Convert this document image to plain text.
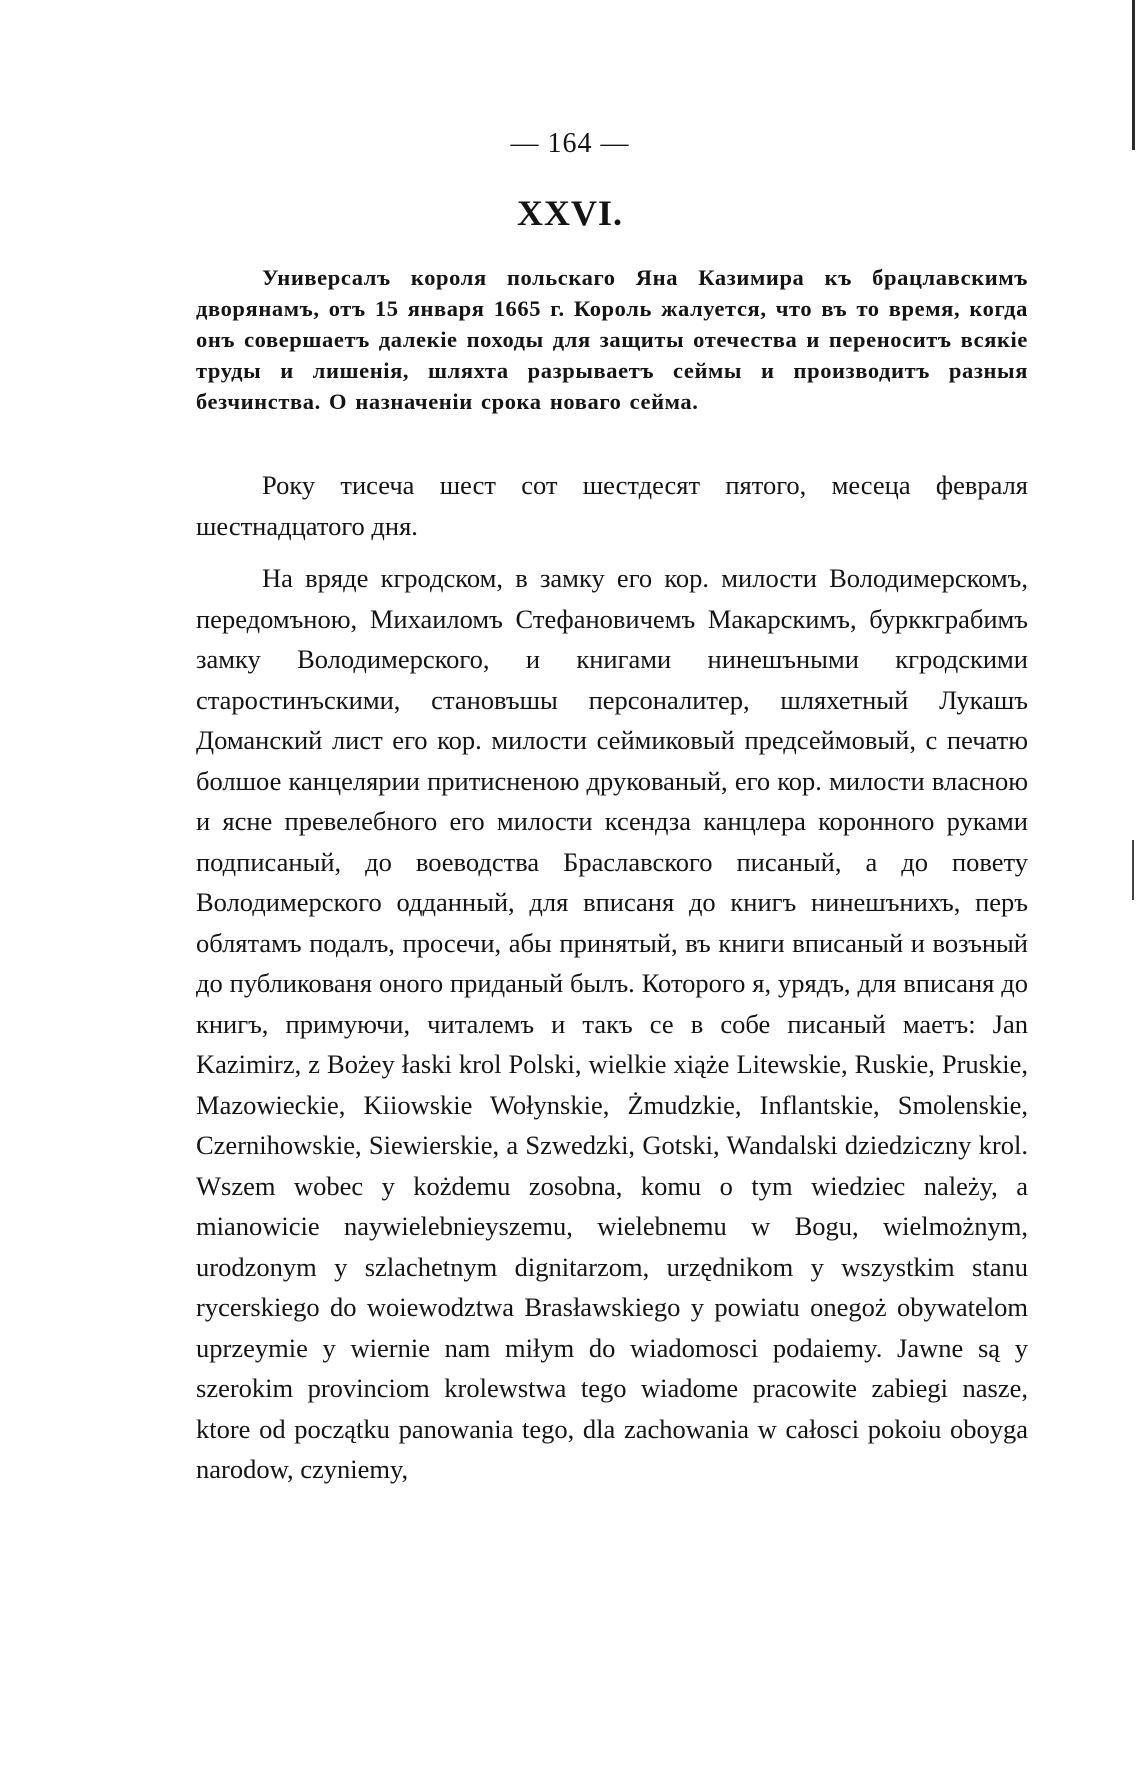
— 164 —
XXVI.

Универсалъ короля польскаго Яна Казимира къ брацлавскимъ дворянамъ, отъ 15 января 1665 г. Король жалуется, что въ то время, когда онъ совершаетъ далекіе походы для защиты отечества и переноситъ всякіе труды и лишенія, шляхта разрываетъ сеймы и производитъ разныя безчинства. О назначеніи срока новаго сейма.

Року тисеча шест сот шестдесят пятого, месеца февраля шестнадцатого дня.

На вряде кгродском, в замку его кор. милости Володимерскомъ, передомъною, Михаиломъ Стефановичемъ Макарскимъ, бурккграбимъ замку Володимерского, и книгами нинешъными кгродскими старостинъскими, становъшы персоналитер, шляхетный Лукашъ Доманский лист его кор. милости сеймиковый предсеймовый, с печатю болшое канцелярии притисненою друкованый, его кор. милости власною и ясне превелебного его милости ксендза канцлера коронного руками подписаный, до воеводства Браславского писаный, а до повету Володимерского одданный, для вписаня до книгъ нинешънихъ, перъ облятамъ подалъ, просечи, абы принятый, въ книги вписаный и возъный до публикованя оного приданый былъ. Которого я, урядъ, для вписаня до книгъ, примуючи, читалемъ и такъ се в собе писаный маетъ: Jan Kazimirz, z Bożey łaski krol Polski, wielkie xiąże Litewskie, Ruskie, Pruskie, Mazowieckie, Kiiowskie Wołynskie, Żmudzkie, Inflantskie, Smolenskie, Czernihowskie, Siewierskie, a Szwedzki, Gotski, Wandalski dziedziczny krol. Wszem wobec y kożdemu zosobna, komu o tym wiedziec należy, a mianowicie naywielebnieyszemu, wielebnemu w Bogu, wielmożnym, urodzonym y szlachetnym dignitarzom, urzędnikom y wszystkim stanu rycerskiego do woiewodztwa Brasławskiego y powiatu onegoż obywatelom uprzeymie y wiernie nam miłym do wiadomosci podaiemy. Jawne są y szerokim provinciom krolewstwa tego wiadome pracowite zabiegi nasze, ktore od początku panowania tego, dla zachowania w całosci pokoiu oboyga narodow, czyniemy,
